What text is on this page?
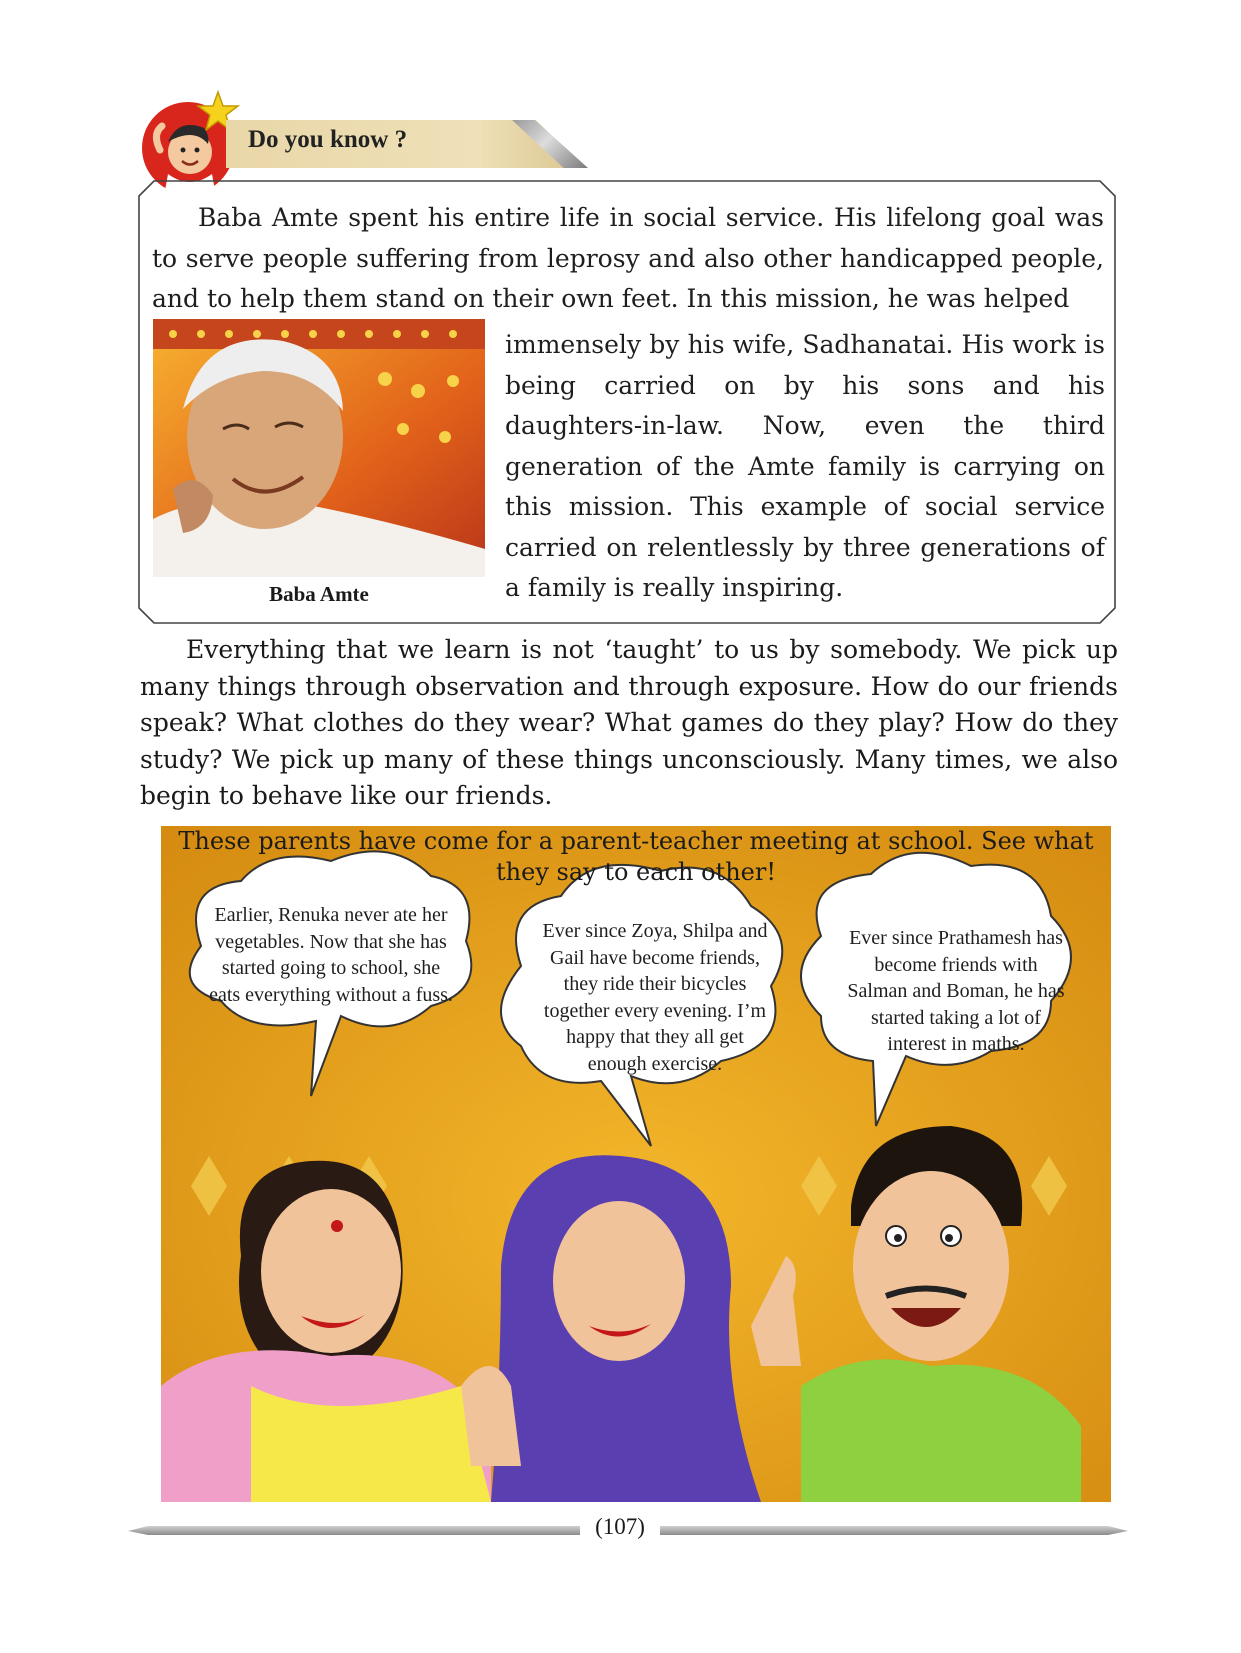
Do you know ?

Baba Amte spent his entire life in social service. His lifelong goal was to serve people suffering from leprosy and also other handicapped people, and to help them stand on their own feet. In this mission, he was helped

immensely by his wife, Sadhanatai. His work is being carried on by his sons and his daughters-in-law. Now, even the third generation of the Amte family is carrying on this mission. This example of social service carried on relentlessly by three generations of a family is really inspiring.

Baba Amte

Everything that we learn is not ‘taught’ to us by somebody. We pick up many things through observation and through exposure. How do our friends speak? What clothes do they wear? What games do they play? How do they study? We pick up many of these things unconsciously. Many times, we also begin to behave like our friends.

These parents have come for a parent-teacher meeting at school. See what they say to each other!
Earlier, Renuka never ate her vegetables. Now that she has started going to school, she eats everything without a fuss.
Ever since Zoya, Shilpa and Gail have become friends, they ride their bicycles together every evening. I’m happy that they all get enough exercise.
Ever since Prathamesh has become friends with Salman and Boman, he has started taking a lot of interest in maths.
(107)
